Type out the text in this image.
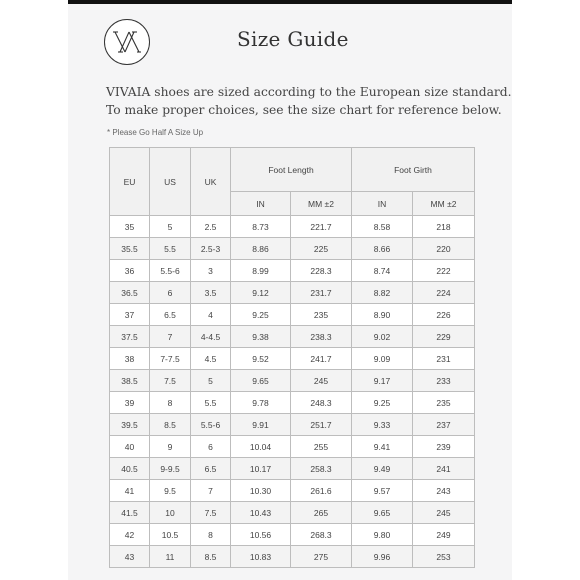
Size Guide
VIVAIA shoes are sized according to the European size standard.
To make proper choices, see the size chart for reference below.
* Please Go Half A Size Up
EU	US	UK	Foot Length		Foot Girth	
			IN	MM ±2	IN	MM ±2
35	5	2.5	8.73	221.7	8.58	218
35.5	5.5	2.5-3	8.86	225	8.66	220
36	5.5-6	3	8.99	228.3	8.74	222
36.5	6	3.5	9.12	231.7	8.82	224
37	6.5	4	9.25	235	8.90	226
37.5	7	4-4.5	9.38	238.3	9.02	229
38	7-7.5	4.5	9.52	241.7	9.09	231
38.5	7.5	5	9.65	245	9.17	233
39	8	5.5	9.78	248.3	9.25	235
39.5	8.5	5.5-6	9.91	251.7	9.33	237
40	9	6	10.04	255	9.41	239
40.5	9-9.5	6.5	10.17	258.3	9.49	241
41	9.5	7	10.30	261.6	9.57	243
41.5	10	7.5	10.43	265	9.65	245
42	10.5	8	10.56	268.3	9.80	249
43	11	8.5	10.83	275	9.96	253
